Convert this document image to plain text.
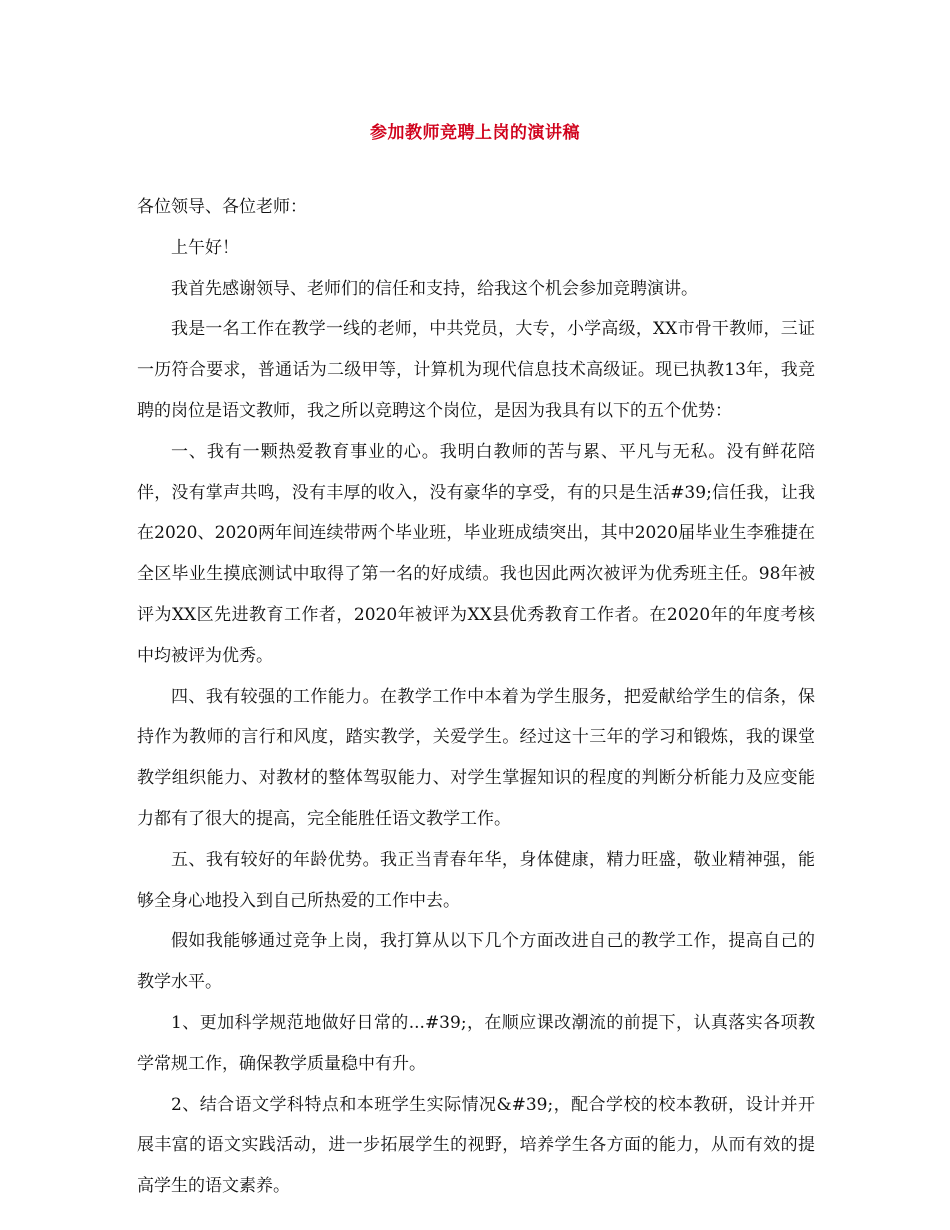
参加教师竞聘上岗的演讲稿

各位领导、各位老师：

上午好！

我首先感谢领导、老师们的信任和支持，给我这个机会参加竞聘演讲。

我是一名工作在教学一线的老师，中共党员，大专，小学高级，XX市骨干教师，三证一历符合要求，普通话为二级甲等，计算机为现代信息技术高级证。现已执教13年，我竞聘的岗位是语文教师，我之所以竞聘这个岗位，是因为我具有以下的五个优势：

一、我有一颗热爱教育事业的心。我明白教师的苦与累、平凡与无私。没有鲜花陪伴，没有掌声共鸣，没有丰厚的收入，没有豪华的享受，有的只是生活#39;信任我，让我在2020、2020两年间连续带两个毕业班，毕业班成绩突出，其中2020届毕业生李雅捷在全区毕业生摸底测试中取得了第一名的好成绩。我也因此两次被评为优秀班主任。98年被评为XX区先进教育工作者，2020年被评为XX县优秀教育工作者。在2020年的年度考核中均被评为优秀。

四、我有较强的工作能力。在教学工作中本着为学生服务，把爱献给学生的信条，保持作为教师的言行和风度，踏实教学，关爱学生。经过这十三年的学习和锻炼，我的课堂教学组织能力、对教材的整体驾驭能力、对学生掌握知识的程度的判断分析能力及应变能力都有了很大的提高，完全能胜任语文教学工作。

五、我有较好的年龄优势。我正当青春年华，身体健康，精力旺盛，敬业精神强，能够全身心地投入到自己所热爱的工作中去。

假如我能够通过竞争上岗，我打算从以下几个方面改进自己的教学工作，提高自己的教学水平。

1、更加科学规范地做好日常的...#39;，在顺应课改潮流的前提下，认真落实各项教学常规工作，确保教学质量稳中有升。

2、结合语文学科特点和本班学生实际情况&#39;，配合学校的校本教研，设计并开展丰富的语文实践活动，进一步拓展学生的视野，培养学生各方面的能力，从而有效的提高学生的语文素养。
